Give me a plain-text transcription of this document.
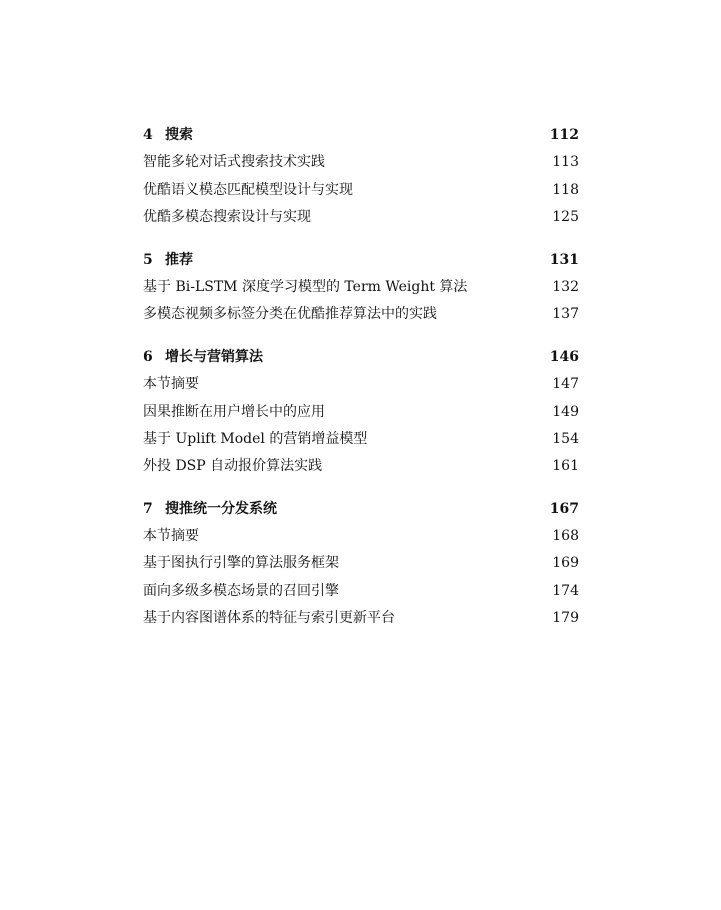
4 搜索	112
智能多轮对话式搜索技术实践	113
优酷语义模态匹配模型设计与实现	118
优酷多模态搜索设计与实现	125
5 推荐	131
基于 Bi-LSTM 深度学习模型的 Term Weight 算法	132
多模态视频多标签分类在优酷推荐算法中的实践	137
6 增长与营销算法	146
本节摘要	147
因果推断在用户增长中的应用	149
基于 Uplift Model 的营销增益模型	154
外投 DSP 自动报价算法实践	161
7 搜推统一分发系统	167
本节摘要	168
基于图执行引擎的算法服务框架	169
面向多级多模态场景的召回引擎	174
基于内容图谱体系的特征与索引更新平台	179
